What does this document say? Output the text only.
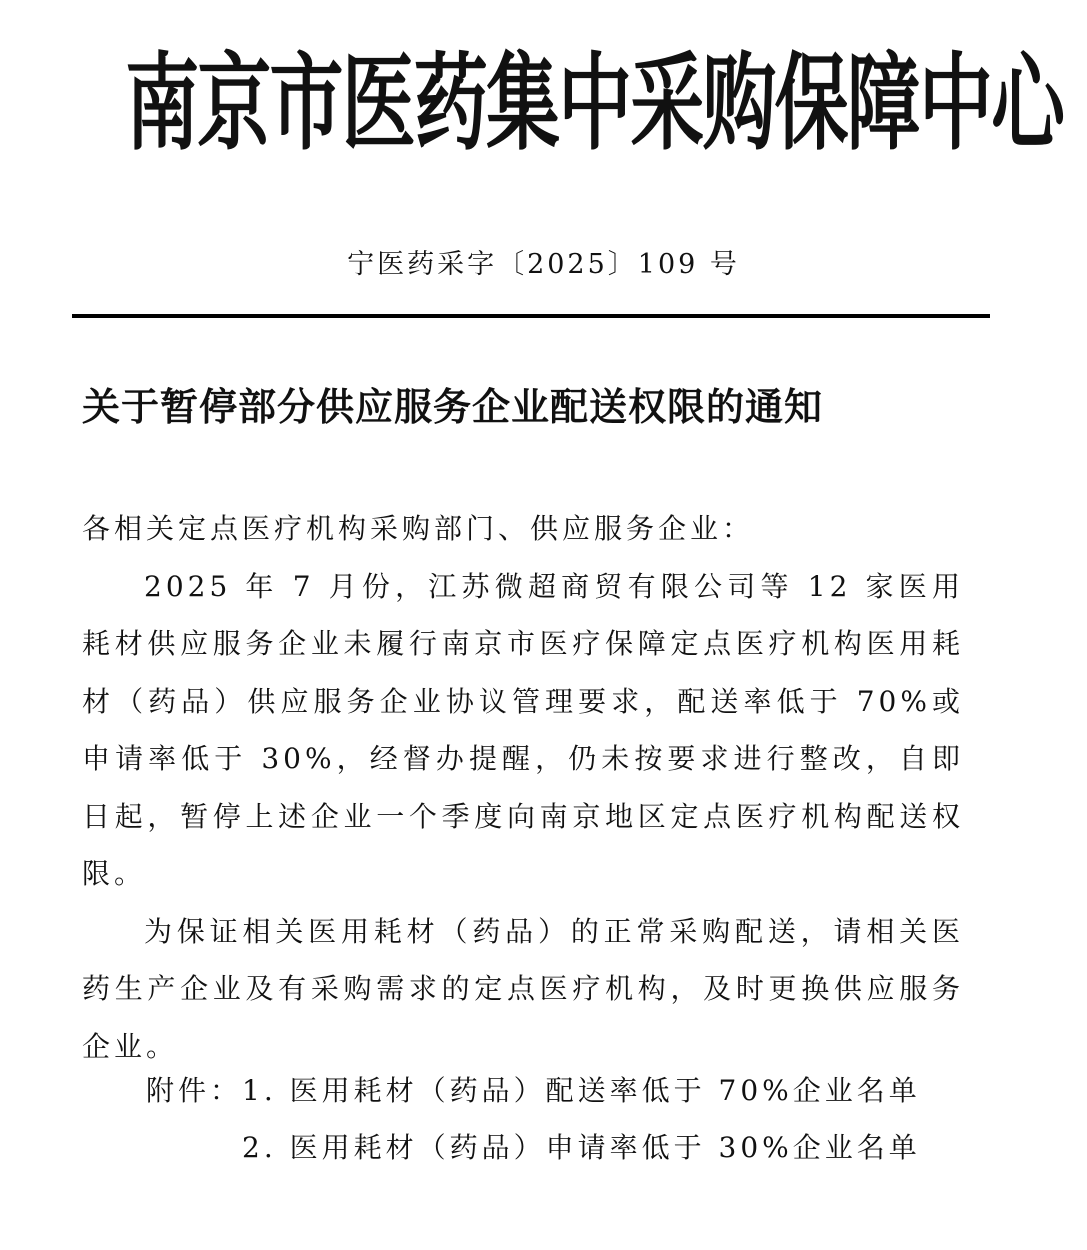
南京市医药集中采购保障中心
宁医药采字〔2025〕109 号
关于暂停部分供应服务企业配送权限的通知

各相关定点医疗机构采购部门、供应服务企业：

2025 年 7 月份，江苏微超商贸有限公司等 12 家医用耗材供应服务企业未履行南京市医疗保障定点医疗机构医用耗材（药品）供应服务企业协议管理要求，配送率低于 70%或申请率低于 30%，经督办提醒，仍未按要求进行整改，自即日起，暂停上述企业一个季度向南京地区定点医疗机构配送权限。

为保证相关医用耗材（药品）的正常采购配送，请相关医药生产企业及有采购需求的定点医疗机构，及时更换供应服务企业。

附件： 1. 医用耗材（药品）配送率低于 70%企业名单
2. 医用耗材（药品）申请率低于 30%企业名单
